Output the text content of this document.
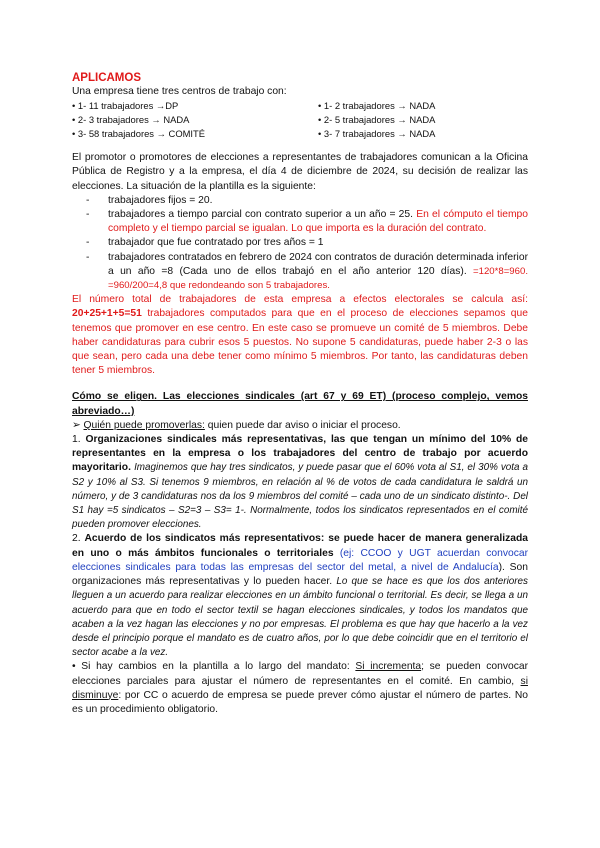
APLICAMOS

Una empresa tiene tres centros de trabajo con:

• 1- 11 trabajadores →DP
• 2- 3 trabajadores → NADA
• 3- 58 trabajadores → COMITÉ
• 1- 2 trabajadores → NADA
• 2- 5 trabajadores → NADA
• 3- 7 trabajadores → NADA

El promotor o promotores de elecciones a representantes de trabajadores comunican a la Oficina Pública de Registro y a la empresa, el día 4 de diciembre de 2024, su decisión de realizar las elecciones. La situación de la plantilla es la siguiente:

- trabajadores fijos = 20.
- trabajadores a tiempo parcial con contrato superior a un año = 25. En el cómputo el tiempo completo y el tiempo parcial se igualan. Lo que importa es la duración del contrato.
- trabajador que fue contratado por tres años = 1
- trabajadores contratados en febrero de 2024 con contratos de duración determinada inferior a un año =8 (Cada uno de ellos trabajó en el año anterior 120 días). =120*8=960. =960/200=4,8 que redondeando son 5 trabajadores.

El número total de trabajadores de esta empresa a efectos electorales se calcula así: 20+25+1+5=51 trabajadores computados para que en el proceso de elecciones sepamos que tenemos que promover en ese centro. En este caso se promueve un comité de 5 miembros. Debe haber candidaturas para cubrir esos 5 puestos. No supone 5 candidaturas, puede haber 2-3 o las que sean, pero cada una debe tener como mínimo 5 miembros. Por tanto, las candidaturas deben tener 5 miembros.

Cómo se eligen. Las elecciones sindicales (art 67 y 69 ET) (proceso complejo, vemos abreviado…)

➢ Quién puede promoverlas: quien puede dar aviso o iniciar el proceso.

1. Organizaciones sindicales más representativas, las que tengan un mínimo del 10% de representantes en la empresa o los trabajadores del centro de trabajo por acuerdo mayoritario. Imaginemos que hay tres sindicatos, y puede pasar que el 60% vota al S1, el 30% vota a S2 y 10% al S3. Si tenemos 9 miembros, en relación al % de votos de cada candidatura le saldrá un número, y de 3 candidaturas nos da los 9 miembros del comité – cada uno de un sindicato distinto-. Del S1 hay =5 sindicatos – S2=3 – S3= 1-. Normalmente, todos los sindicatos representados en el comité pueden promover elecciones.

2. Acuerdo de los sindicatos más representativos: se puede hacer de manera generalizada en uno o más ámbitos funcionales o territoriales (ej: CCOO y UGT acuerdan convocar elecciones sindicales para todas las empresas del sector del metal, a nivel de Andalucía). Son organizaciones más representativas y lo pueden hacer. Lo que se hace es que los dos anteriores lleguen a un acuerdo para realizar elecciones en un ámbito funcional o territorial. Es decir, se llega a un acuerdo para que en todo el sector textil se hagan elecciones sindicales, y todos los mandatos que acaben a la vez hagan las elecciones y no por empresas. El problema es que hay que hacerlo a la vez desde el principio porque el mandato es de cuatro años, por lo que debe coincidir que en el territorio el sector acabe a la vez.

• Si hay cambios en la plantilla a lo largo del mandato: Si incrementa; se pueden convocar elecciones parciales para ajustar el número de representantes en el comité. En cambio, si disminuye: por CC o acuerdo de empresa se puede prever cómo ajustar el número de partes. No es un procedimiento obligatorio.
